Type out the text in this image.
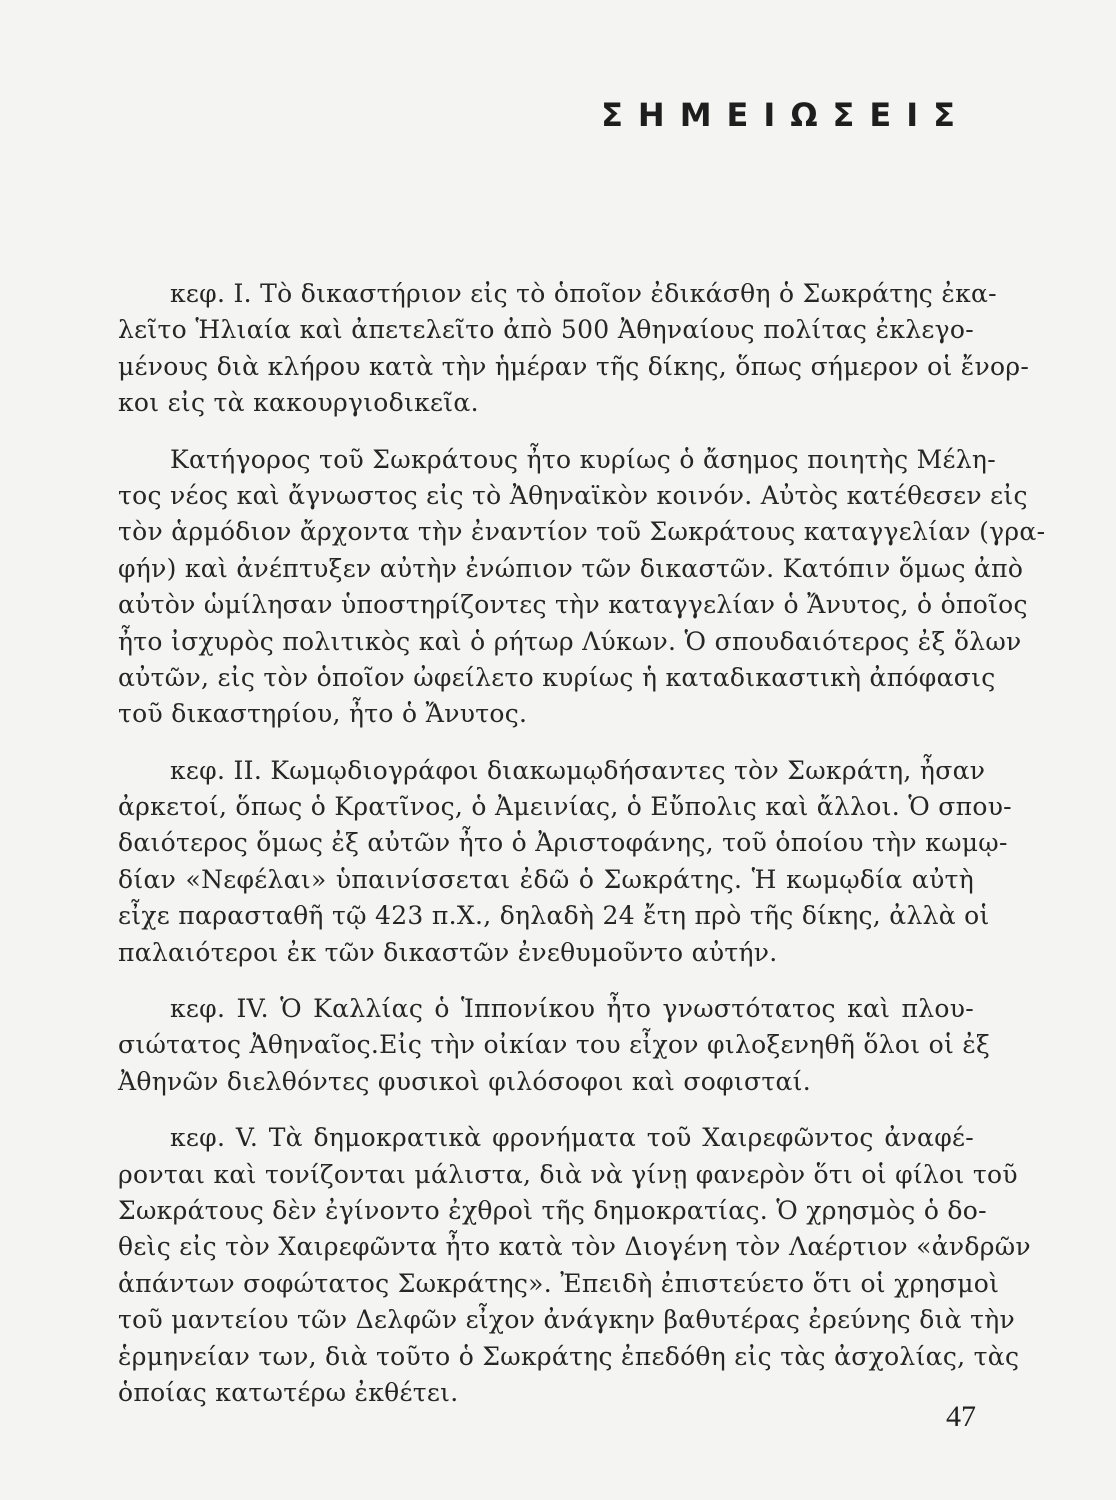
ΣΗΜΕΙΩΣΕΙΣ
κεφ. Ι. Τὸ δικαστήριον εἰς τὸ ὁποῖον ἐδικάσθη ὁ Σωκράτης ἐκα-
λεῖτο Ἡλιαία καὶ ἀπετελεῖτο ἀπὸ 500 Ἀθηναίους πολίτας ἐκλεγο-
μένους διὰ κλήρου κατὰ τὴν ἡμέραν τῆς δίκης, ὅπως σήμερον οἱ ἔνορ-
κοι εἰς τὰ κακουργιοδικεῖα.
Κατήγορος τοῦ Σωκράτους ἦτο κυρίως ὁ ἄσημος ποιητὴς Μέλη-
τος νέος καὶ ἄγνωστος εἰς τὸ Ἀθηναϊκὸν κοινόν. Αὐτὸς κατέθεσεν εἰς
τὸν ἁρμόδιον ἄρχοντα τὴν ἐναντίον τοῦ Σωκράτους καταγγελίαν (γρα-
φήν) καὶ ἀνέπτυξεν αὐτὴν ἐνώπιον τῶν δικαστῶν. Κατόπιν ὅμως ἀπὸ
αὐτὸν ὡμίλησαν ὑποστηρίζοντες τὴν καταγγελίαν ὁ Ἄνυτος, ὁ ὁποῖος
ἦτο ἰσχυρὸς πολιτικὸς καὶ ὁ ρήτωρ Λύκων. Ὁ σπουδαιότερος ἐξ ὅλων
αὐτῶν, εἰς τὸν ὁποῖον ὠφείλετο κυρίως ἡ καταδικαστικὴ ἀπόφασις
τοῦ δικαστηρίου, ἦτο ὁ Ἄνυτος.
κεφ. ΙΙ. Κωμῳδιογράφοι διακωμῳδήσαντες τὸν Σωκράτη, ἦσαν
ἀρκετοί, ὅπως ὁ Κρατῖνος, ὁ Ἀμεινίας, ὁ Εὔπολις καὶ ἄλλοι. Ὁ σπου-
δαιότερος ὅμως ἐξ αὐτῶν ἦτο ὁ Ἀριστοφάνης, τοῦ ὁποίου τὴν κωμῳ-
δίαν «Νεφέλαι» ὑπαινίσσεται ἐδῶ ὁ Σωκράτης. Ἡ κωμῳδία αὐτὴ
εἶχε παρασταθῆ τῷ 423 π.Χ., δηλαδὴ 24 ἔτη πρὸ τῆς δίκης, ἀλλὰ οἱ
παλαιότεροι ἐκ τῶν δικαστῶν ἐνεθυμοῦντο αὐτήν.
κεφ. IV. Ὁ Καλλίας ὁ Ἱππονίκου ἦτο γνωστότατος καὶ πλου-
σιώτατος Ἀθηναῖος.Εἰς τὴν οἰκίαν του εἶχον φιλοξενηθῆ ὅλοι οἱ ἐξ
Ἀθηνῶν διελθόντες φυσικοὶ φιλόσοφοι καὶ σοφισταί.
κεφ. V. Τὰ δημοκρατικὰ φρονήματα τοῦ Χαιρεφῶντος ἀναφέ-
ρονται καὶ τονίζονται μάλιστα, διὰ νὰ γίνῃ φανερὸν ὅτι οἱ φίλοι τοῦ
Σωκράτους δὲν ἐγίνοντο ἐχθροὶ τῆς δημοκρατίας. Ὁ χρησμὸς ὁ δο-
θεὶς εἰς τὸν Χαιρεφῶντα ἦτο κατὰ τὸν Διογένη τὸν Λαέρτιον «ἀνδρῶν
ἁπάντων σοφώτατος Σωκράτης». Ἐπειδὴ ἐπιστεύετο ὅτι οἱ χρησμοὶ
τοῦ μαντείου τῶν Δελφῶν εἶχον ἀνάγκην βαθυτέρας ἐρεύνης διὰ τὴν
ἑρμηνείαν των, διὰ τοῦτο ὁ Σωκράτης ἐπεδόθη εἰς τὰς ἀσχολίας, τὰς
ὁποίας κατωτέρω ἐκθέτει.
47
